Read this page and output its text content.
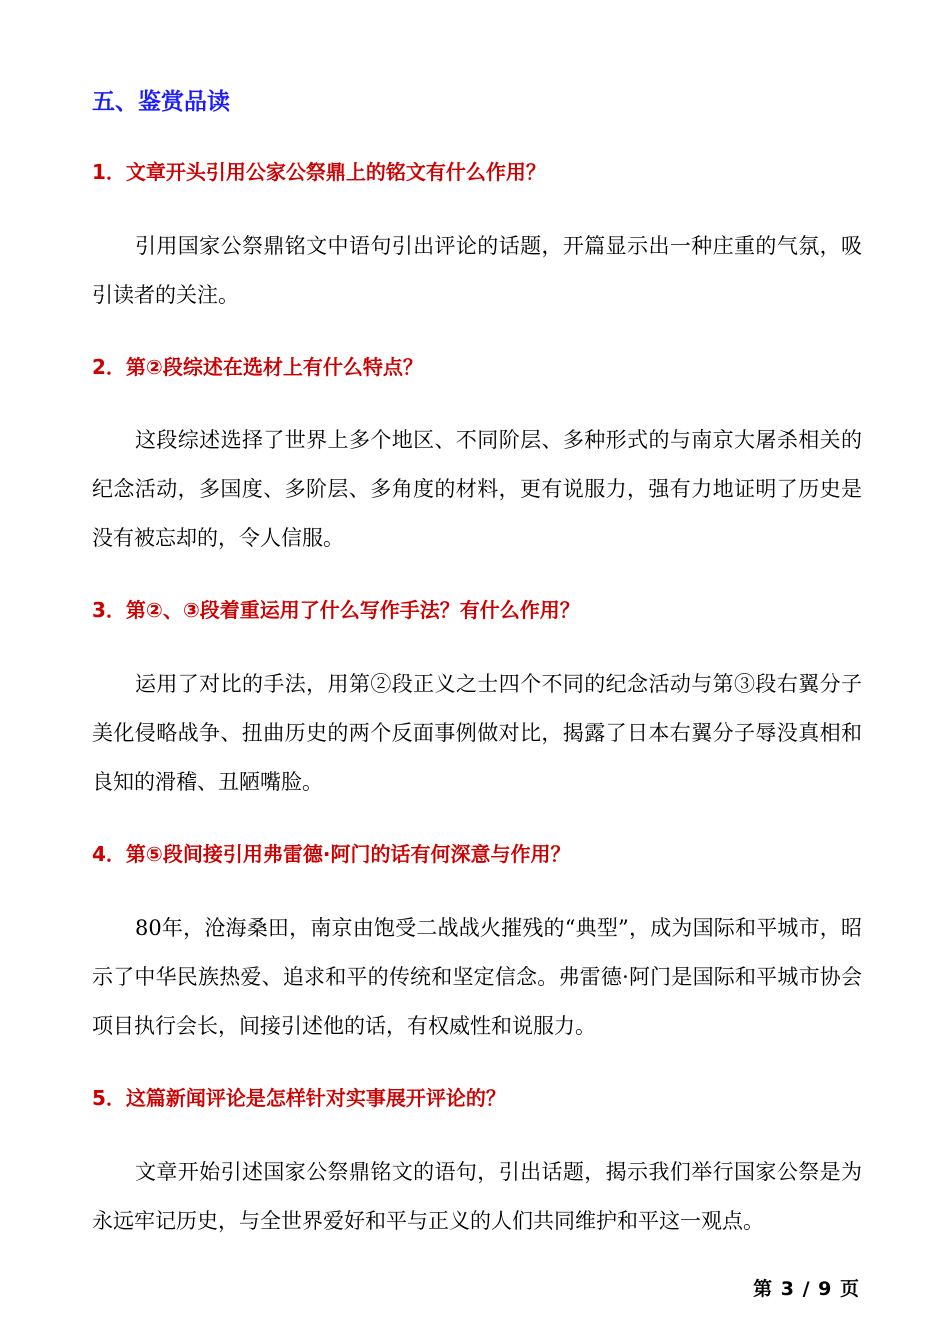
五、鉴赏品读
1．文章开头引用公家公祭鼎上的铭文有什么作用？

引用国家公祭鼎铭文中语句引出评论的话题，开篇显示出一种庄重的气氛，吸引读者的关注。

2．第②段综述在选材上有什么特点？

这段综述选择了世界上多个地区、不同阶层、多种形式的与南京大屠杀相关的纪念活动，多国度、多阶层、多角度的材料，更有说服力，强有力地证明了历史是没有被忘却的，令人信服。

3．第②、③段着重运用了什么写作手法？有什么作用？

运用了对比的手法，用第②段正义之士四个不同的纪念活动与第③段右翼分子美化侵略战争、扭曲历史的两个反面事例做对比，揭露了日本右翼分子辱没真相和良知的滑稽、丑陋嘴脸。

4．第⑤段间接引用弗雷德·阿门的话有何深意与作用？

80年，沧海桑田，南京由饱受二战战火摧残的“典型”，成为国际和平城市，昭示了中华民族热爱、追求和平的传统和坚定信念。弗雷德·阿门是国际和平城市协会项目执行会长，间接引述他的话，有权威性和说服力。

5．这篇新闻评论是怎样针对实事展开评论的？

文章开始引述国家公祭鼎铭文的语句，引出话题，揭示我们举行国家公祭是为永远牢记历史，与全世界爱好和平与正义的人们共同维护和平这一观点。

第 3 / 9 页
